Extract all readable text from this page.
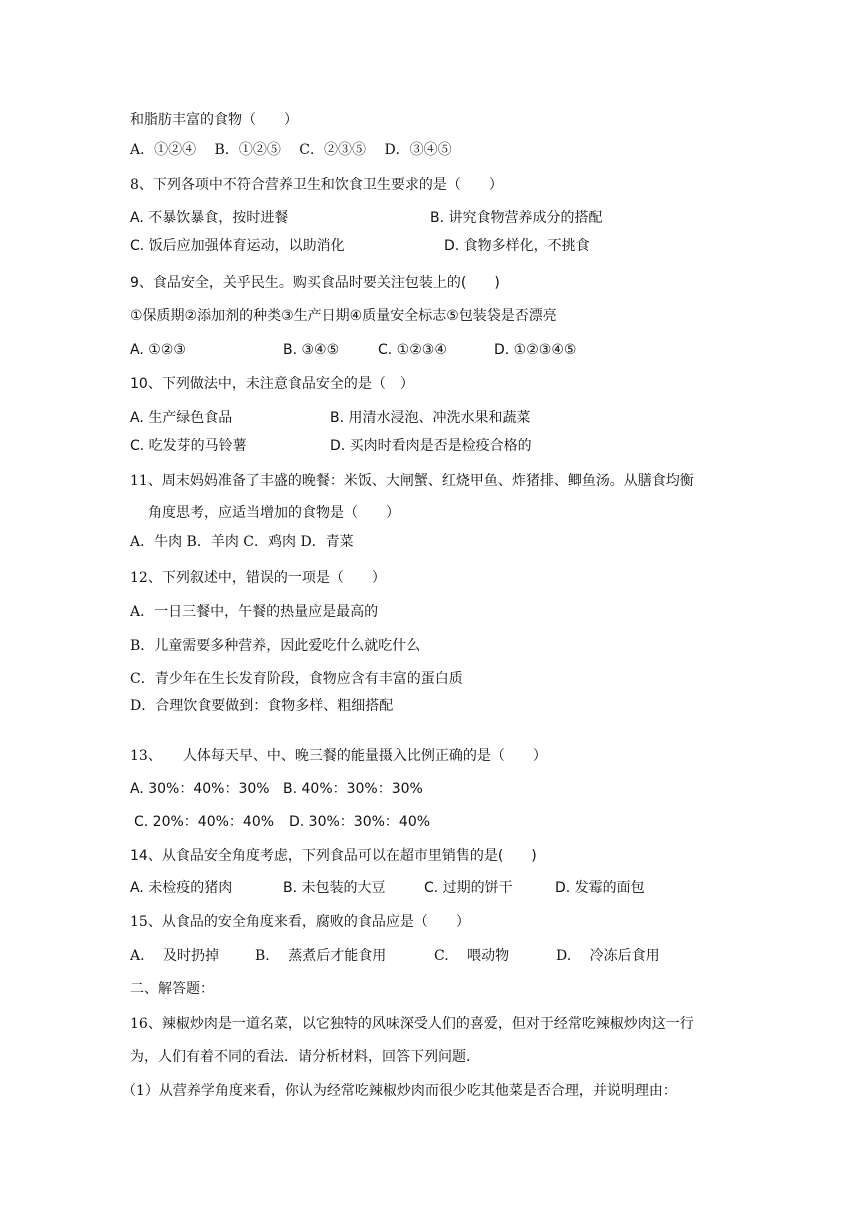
和脂肪丰富的食物（　　）
A．①②④　 B．①②⑤　 C．②③⑤　 D．③④⑤
8、下列各项中不符合营养卫生和饮食卫生要求的是（　　）
A. 不暴饮暴食，按时进餐	B. 讲究食物营养成分的搭配
C. 饭后应加强体育运动，以助消化	D. 食物多样化，不挑食
9、食品安全，关乎民生。购买食品时要关注包装上的(　　)
①保质期②添加剂的种类③生产日期④质量安全标志⑤包装袋是否漂亮
A. ①②③	B. ③④⑤	C. ①②③④	D. ①②③④⑤
10、下列做法中，未注意食品安全的是（　）
A. 生产绿色食品	B. 用清水浸泡、冲洗水果和蔬菜
C. 吃发芽的马铃薯	D. 买肉时看肉是否是检疫合格的
11、周末妈妈准备了丰盛的晚餐：米饭、大闸蟹、红烧甲鱼、炸猪排、鲫鱼汤。从膳食均衡
角度思考，应适当增加的食物是（　　）
A．牛肉 B．羊肉 C．鸡肉 D．青菜
12、下列叙述中，错误的一项是（　　）
A．一日三餐中，午餐的热量应是最高的
B．儿童需要多种营养，因此爱吃什么就吃什么
C．青少年在生长发育阶段，食物应含有丰富的蛋白质
D．合理饮食要做到：食物多样、粗细搭配
13、　　人体每天早、中、晚三餐的能量摄入比例正确的是（　　）
A. 30%：40%：30% B. 40%：30%：30%
C. 20%：40%：40% D. 30%：30%：40%
14、从食品安全角度考虑，下列食品可以在超市里销售的是(　　)
A. 未检疫的猪肉	B. 未包装的大豆	C. 过期的饼干	D. 发霉的面包
15、从食品的安全角度来看，腐败的食品应是（　　）
A.　 及时扔掉	B.　 蒸煮后才能食用	C.　 喂动物	D.　 冷冻后食用
二、解答题：
16、辣椒炒肉是一道名菜，以它独特的风味深受人们的喜爱，但对于经常吃辣椒炒肉这一行
为，人们有着不同的看法．请分析材料，回答下列问题．
（1）从营养学角度来看，你认为经常吃辣椒炒肉而很少吃其他菜是否合理，并说明理由：
